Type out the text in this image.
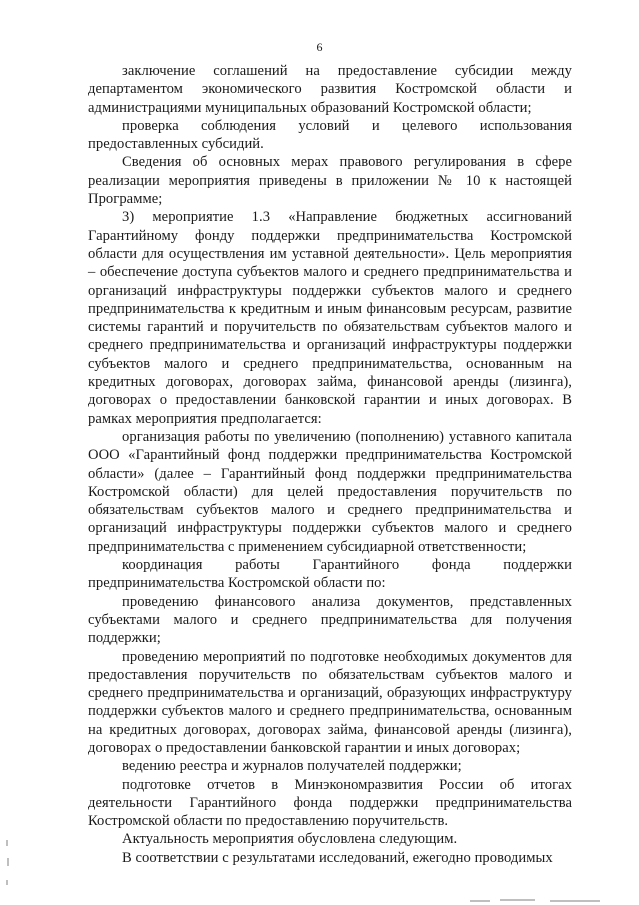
6

заключение соглашений на предоставление субсидии между департаментом экономического развития Костромской области и администрациями муниципальных образований Костромской области;

проверка соблюдения условий и целевого использования предоставленных субсидий.

Сведения об основных мерах правового регулирования в сфере реализации мероприятия приведены в приложении № 10 к настоящей Программе;

3) мероприятие 1.3 «Направление бюджетных ассигнований Гарантийному фонду поддержки предпринимательства Костромской области для осуществления им уставной деятельности». Цель мероприятия – обеспечение доступа субъектов малого и среднего предпринимательства и организаций инфраструктуры поддержки субъектов малого и среднего предпринимательства к кредитным и иным финансовым ресурсам, развитие системы гарантий и поручительств по обязательствам субъектов малого и среднего предпринимательства и организаций инфраструктуры поддержки субъектов малого и среднего предпринимательства, основанным на кредитных договорах, договорах займа, финансовой аренды (лизинга), договорах о предоставлении банковской гарантии и иных договорах. В рамках мероприятия предполагается:

организация работы по увеличению (пополнению) уставного капитала ООО «Гарантийный фонд поддержки предпринимательства Костромской области» (далее – Гарантийный фонд поддержки предпринимательства Костромской области) для целей предоставления поручительств по обязательствам субъектов малого и среднего предпринимательства и организаций инфраструктуры поддержки субъектов малого и среднего предпринимательства с применением субсидиарной ответственности;

координация работы Гарантийного фонда поддержки предпринимательства Костромской области по:

проведению финансового анализа документов, представленных субъектами малого и среднего предпринимательства для получения поддержки;

проведению мероприятий по подготовке необходимых документов для предоставления поручительств по обязательствам субъектов малого и среднего предпринимательства и организаций, образующих инфраструктуру поддержки субъектов малого и среднего предпринимательства, основанным на кредитных договорах, договорах займа, финансовой аренды (лизинга), договорах о предоставлении банковской гарантии и иных договорах;

ведению реестра и журналов получателей поддержки;

подготовке отчетов в Минэкономразвития России об итогах деятельности Гарантийного фонда поддержки предпринимательства Костромской области по предоставлению поручительств.

Актуальность мероприятия обусловлена следующим.

В соответствии с результатами исследований, ежегодно проводимых
